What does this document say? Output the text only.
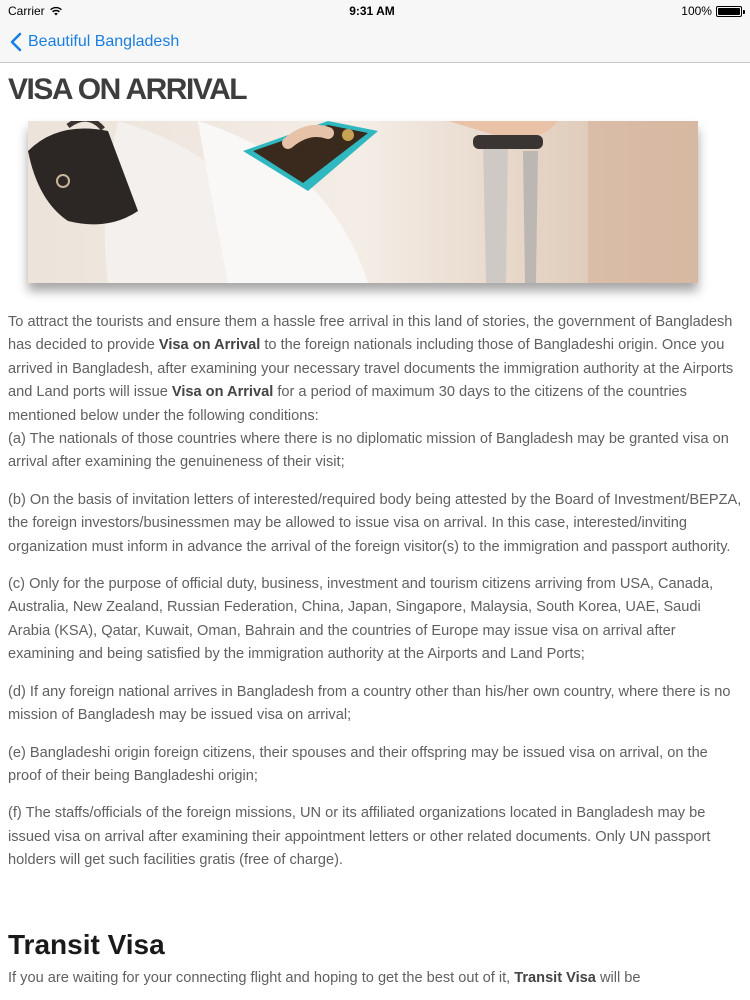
Carrier	9:31 AM	100%
Beautiful Bangladesh
VISA ON ARRIVAL

To attract the tourists and ensure them a hassle free arrival in this land of stories, the government of Bangladesh has decided to provide Visa on Arrival to the foreign nationals including those of Bangladeshi origin. Once you arrived in Bangladesh, after examining your necessary travel documents the immigration authority at the Airports and Land ports will issue Visa on Arrival for a period of maximum 30 days to the citizens of the countries mentioned below under the following conditions:

(a) The nationals of those countries where there is no diplomatic mission of Bangladesh may be granted visa on arrival after examining the genuineness of their visit;

(b) On the basis of invitation letters of interested/required body being attested by the Board of Investment/BEPZA, the foreign investors/businessmen may be allowed to issue visa on arrival. In this case, interested/inviting organization must inform in advance the arrival of the foreign visitor(s) to the immigration and passport authority.

(c) Only for the purpose of official duty, business, investment and tourism citizens arriving from USA, Canada, Australia, New Zealand, Russian Federation, China, Japan, Singapore, Malaysia, South Korea, UAE, Saudi Arabia (KSA), Qatar, Kuwait, Oman, Bahrain and the countries of Europe may issue visa on arrival after examining and being satisfied by the immigration authority at the Airports and Land Ports;

(d) If any foreign national arrives in Bangladesh from a country other than his/her own country, where there is no mission of Bangladesh may be issued visa on arrival;

(e) Bangladeshi origin foreign citizens, their spouses and their offspring may be issued visa on arrival, on the proof of their being Bangladeshi origin;

(f) The staffs/officials of the foreign missions, UN or its affiliated organizations located in Bangladesh may be issued visa on arrival after examining their appointment letters or other related documents. Only UN passport holders will get such facilities gratis (free of charge).

Transit Visa

If you are waiting for your connecting flight and hoping to get the best out of it, Transit Visa will be
